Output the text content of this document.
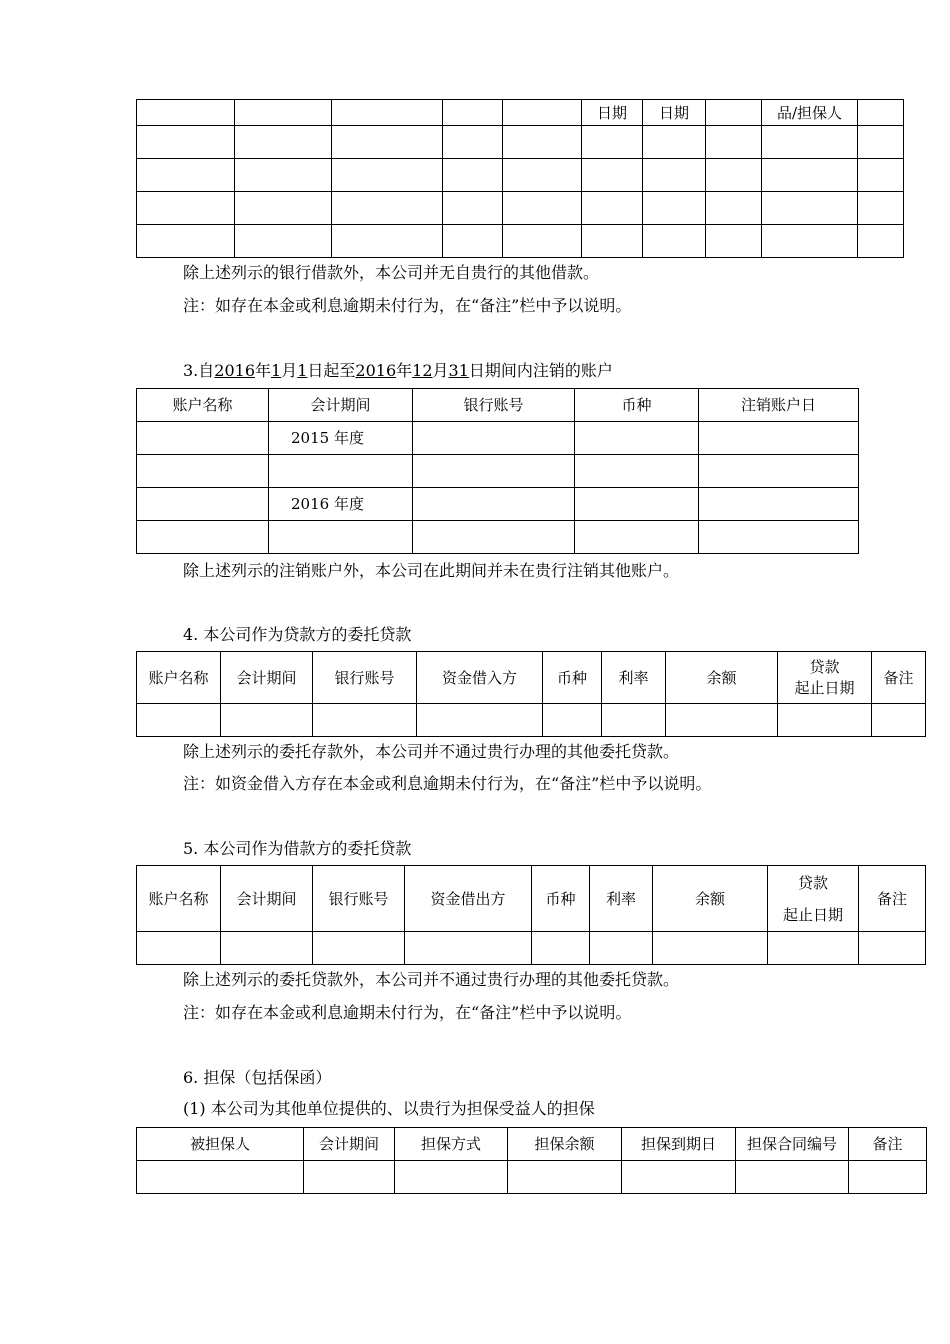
					日期	日期		品/担保人	

除上述列示的银行借款外，本公司并无自贵行的其他借款。
注：如存在本金或利息逾期未付行为，在“备注”栏中予以说明。
3.自2016年1月1日起至2016年12月31日期间内注销的账户
账户名称	会计期间	银行账号	币种	注销账户日
	2015 年度			

	2016 年度			

除上述列示的注销账户外，本公司在此期间并未在贵行注销其他账户。
4. 本公司作为贷款方的委托贷款
账户名称	会计期间	银行账号	资金借入方	币种	利率	余额	贷款
起止日期	备注

除上述列示的委托存款外，本公司并不通过贵行办理的其他委托贷款。
注：如资金借入方存在本金或利息逾期未付行为，在“备注”栏中予以说明。
5. 本公司作为借款方的委托贷款
账户名称	会计期间	银行账号	资金借出方	币种	利率	余额	贷款
起止日期	备注

除上述列示的委托贷款外，本公司并不通过贵行办理的其他委托贷款。
注：如存在本金或利息逾期未付行为，在“备注”栏中予以说明。
6. 担保（包括保函）
(1) 本公司为其他单位提供的、以贵行为担保受益人的担保
被担保人	会计期间	担保方式	担保余额	担保到期日	担保合同编号	备注
